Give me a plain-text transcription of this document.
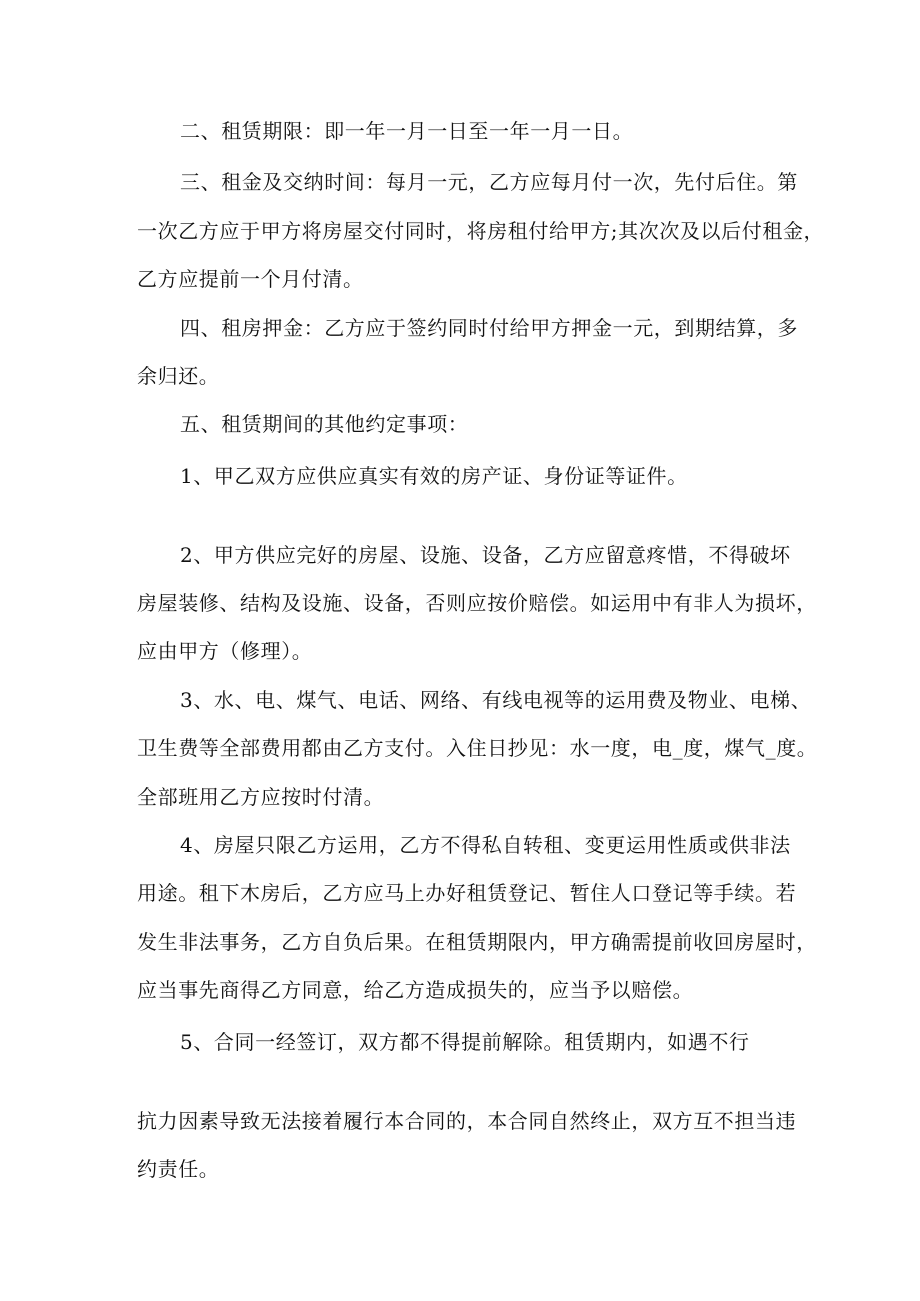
二、租赁期限：即一年一月一日至一年一月一日。
三、租金及交纳时间：每月一元，乙方应每月付一次，先付后住。第
一次乙方应于甲方将房屋交付同时，将房租付给甲方;其次次及以后付租金，
乙方应提前一个月付清。
四、租房押金：乙方应于签约同时付给甲方押金一元，到期结算，多
余归还。
五、租赁期间的其他约定事项：
1、甲乙双方应供应真实有效的房产证、身份证等证件。
2、甲方供应完好的房屋、设施、设备，乙方应留意疼惜，不得破坏
房屋装修、结构及设施、设备，否则应按价赔偿。如运用中有非人为损坏，
应由甲方（修理）。
3、水、电、煤气、电话、网络、有线电视等的运用费及物业、电梯、
卫生费等全部费用都由乙方支付。入住日抄见：水一度，电_度，煤气_度。
全部班用乙方应按时付清。
4、房屋只限乙方运用，乙方不得私自转租、变更运用性质或供非法
用途。租下木房后，乙方应马上办好租赁登记、暂住人口登记等手续。若
发生非法事务，乙方自负后果。在租赁期限内，甲方确需提前收回房屋时，
应当事先商得乙方同意，给乙方造成损失的，应当予以赔偿。
5、合同一经签订，双方都不得提前解除。租赁期内，如遇不行
抗力因素导致无法接着履行本合同的，本合同自然终止，双方互不担当违
约责任。
